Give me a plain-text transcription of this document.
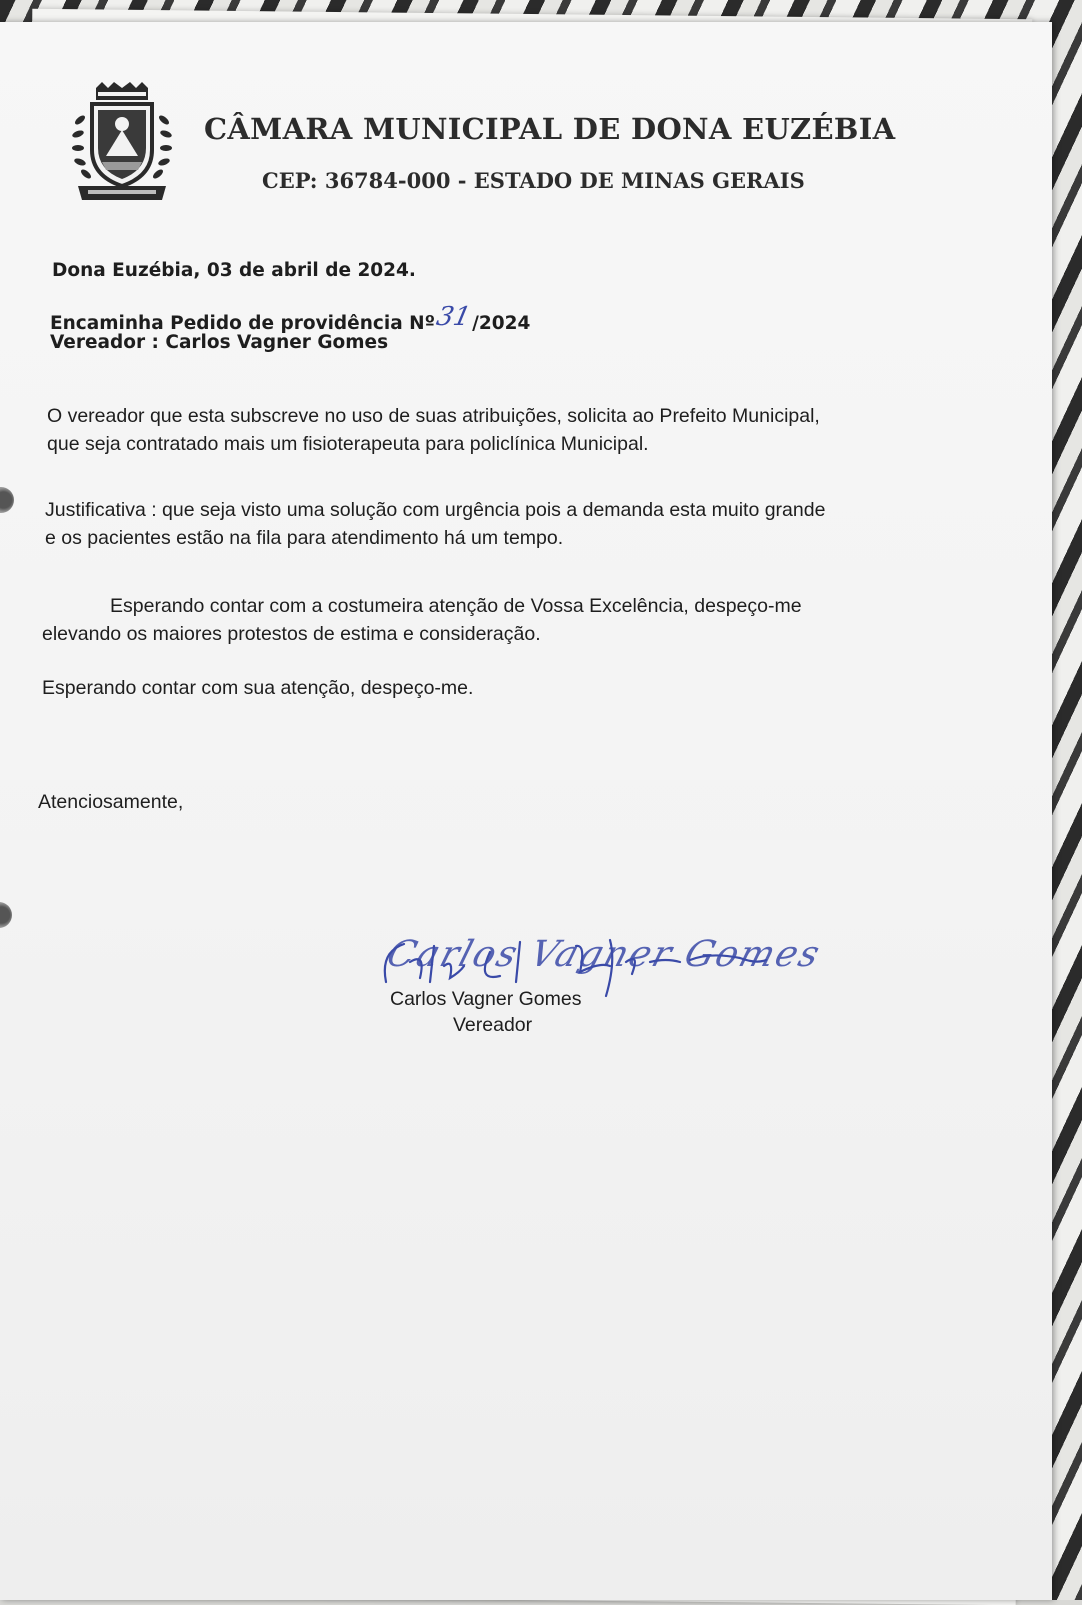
CÂMARA MUNICIPAL DE DONA EUZÉBIA
CEP: 36784-000 - ESTADO DE MINAS GERAIS
Dona Euzébia, 03 de abril de 2024.
Encaminha Pedido de providência Nº31/2024
Vereador : Carlos Vagner Gomes
O vereador que esta subscreve no uso de suas atribuições, solicita ao Prefeito Municipal,
que seja contratado mais um fisioterapeuta para policlínica Municipal.
Justificativa : que seja visto uma solução com urgência pois a demanda esta muito grande
e os pacientes estão na fila para atendimento há um tempo.
Esperando contar com a costumeira atenção de Vossa Excelência, despeço-me
elevando os maiores protestos de estima e consideração.
Esperando contar com sua atenção, despeço-me.
Atenciosamente,
Carlos Vagner Gomes
Carlos Vagner Gomes
Vereador
